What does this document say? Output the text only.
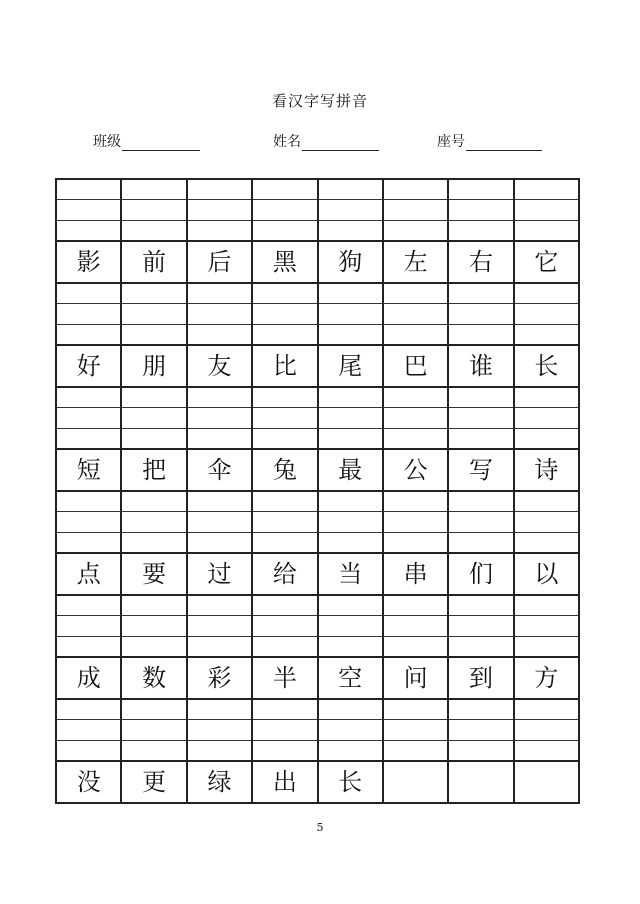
看汉字写拼音
班级	姓名	座号
影	前	后	黑	狗	左	右	它
好	朋	友	比	尾	巴	谁	长
短	把	伞	兔	最	公	写	诗
点	要	过	给	当	串	们	以
成	数	彩	半	空	问	到	方
没	更	绿	出	长
5
